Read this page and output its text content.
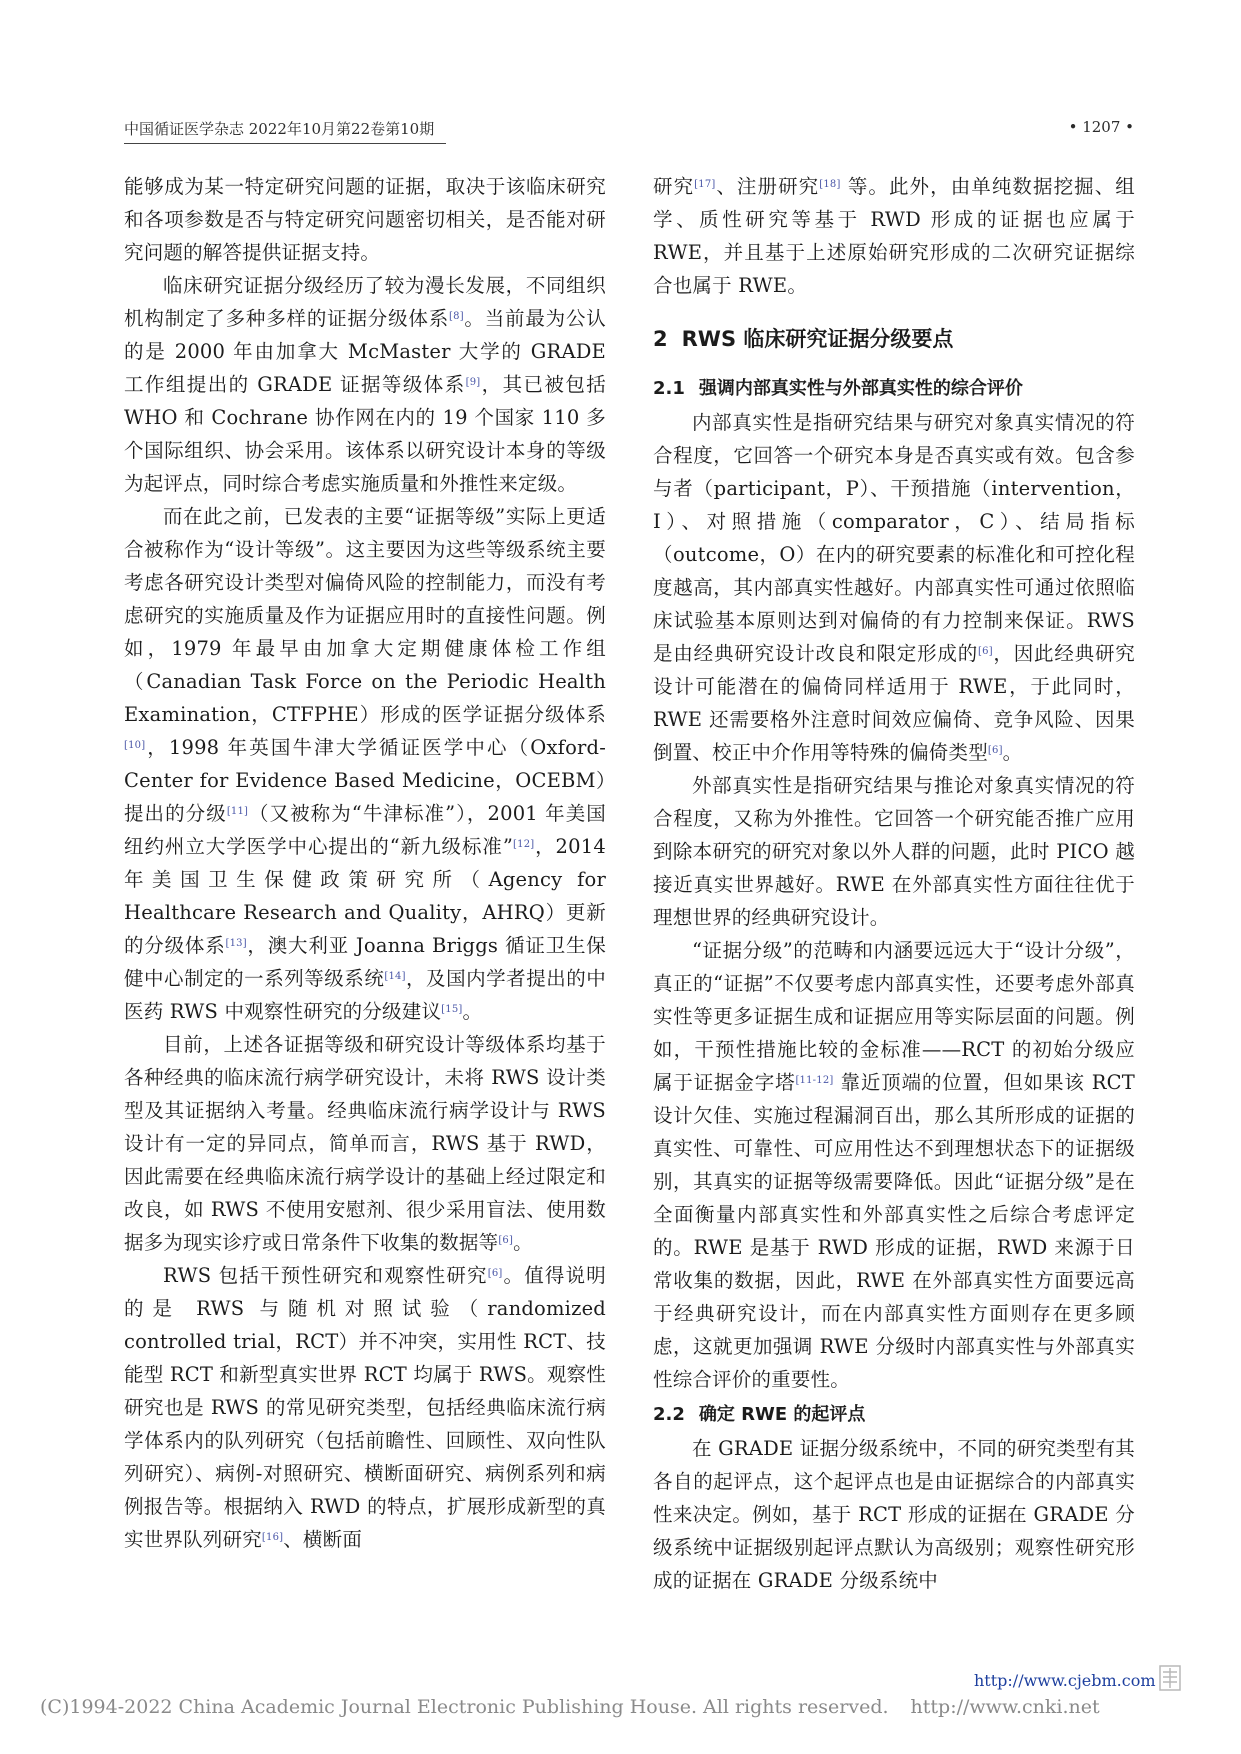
中国循证医学杂志 2022年10月第22卷第10期	• 1207 •

能够成为某一特定研究问题的证据，取决于该临床研究和各项参数是否与特定研究问题密切相关，是否能对研究问题的解答提供证据支持。

临床研究证据分级经历了较为漫长发展，不同组织机构制定了多种多样的证据分级体系[8]。当前最为公认的是 2000 年由加拿大 McMaster 大学的 GRADE 工作组提出的 GRADE 证据等级体系[9]，其已被包括 WHO 和 Cochrane 协作网在内的 19 个国家 110 多个国际组织、协会采用。该体系以研究设计本身的等级为起评点，同时综合考虑实施质量和外推性来定级。

而在此之前，已发表的主要“证据等级”实际上更适合被称作为“设计等级”。这主要因为这些等级系统主要考虑各研究设计类型对偏倚风险的控制能力，而没有考虑研究的实施质量及作为证据应用时的直接性问题。例如，1979 年最早由加拿大定期健康体检工作组（Canadian Task Force on the Periodic Health Examination，CTFPHE）形成的医学证据分级体系[10]，1998 年英国牛津大学循证医学中心（Oxford-Center for Evidence Based Medicine，OCEBM）提出的分级[11]（又被称为“牛津标准”），2001 年美国纽约州立大学医学中心提出的“新九级标准”[12]，2014 年美国卫生保健政策研究所（Agency for Healthcare Research and Quality，AHRQ）更新的分级体系[13]，澳大利亚 Joanna Briggs 循证卫生保健中心制定的一系列等级系统[14]，及国内学者提出的中医药 RWS 中观察性研究的分级建议[15]。

目前，上述各证据等级和研究设计等级体系均基于各种经典的临床流行病学研究设计，未将 RWS 设计类型及其证据纳入考量。经典临床流行病学设计与 RWS 设计有一定的异同点，简单而言，RWS 基于 RWD，因此需要在经典临床流行病学设计的基础上经过限定和改良，如 RWS 不使用安慰剂、很少采用盲法、使用数据多为现实诊疗或日常条件下收集的数据等[6]。

RWS 包括干预性研究和观察性研究[6]。值得说明的是 RWS 与随机对照试验（randomized controlled trial，RCT）并不冲突，实用性 RCT、技能型 RCT 和新型真实世界 RCT 均属于 RWS。观察性研究也是 RWS 的常见研究类型，包括经典临床流行病学体系内的队列研究（包括前瞻性、回顾性、双向性队列研究）、病例-对照研究、横断面研究、病例系列和病例报告等。根据纳入 RWD 的特点，扩展形成新型的真实世界队列研究[16]、横断面

研究[17]、注册研究[18] 等。此外，由单纯数据挖掘、组学、质性研究等基于 RWD 形成的证据也应属于 RWE，并且基于上述原始研究形成的二次研究证据综合也属于 RWE。

2 RWS 临床研究证据分级要点
2.1 强调内部真实性与外部真实性的综合评价

内部真实性是指研究结果与研究对象真实情况的符合程度，它回答一个研究本身是否真实或有效。包含参与者（participant，P）、干预措施（intervention，I）、对照措施（comparator，C）、结局指标（outcome，O）在内的研究要素的标准化和可控化程度越高，其内部真实性越好。内部真实性可通过依照临床试验基本原则达到对偏倚的有力控制来保证。RWS 是由经典研究设计改良和限定形成的[6]，因此经典研究设计可能潜在的偏倚同样适用于 RWE，于此同时，RWE 还需要格外注意时间效应偏倚、竞争风险、因果倒置、校正中介作用等特殊的偏倚类型[6]。

外部真实性是指研究结果与推论对象真实情况的符合程度，又称为外推性。它回答一个研究能否推广应用到除本研究的研究对象以外人群的问题，此时 PICO 越接近真实世界越好。RWE 在外部真实性方面往往优于理想世界的经典研究设计。

“证据分级”的范畴和内涵要远远大于“设计分级”，真正的“证据”不仅要考虑内部真实性，还要考虑外部真实性等更多证据生成和证据应用等实际层面的问题。例如，干预性措施比较的金标准——RCT 的初始分级应属于证据金字塔[11-12] 靠近顶端的位置，但如果该 RCT 设计欠佳、实施过程漏洞百出，那么其所形成的证据的真实性、可靠性、可应用性达不到理想状态下的证据级别，其真实的证据等级需要降低。因此“证据分级”是在全面衡量内部真实性和外部真实性之后综合考虑评定的。RWE 是基于 RWD 形成的证据，RWD 来源于日常收集的数据，因此，RWE 在外部真实性方面要远高于经典研究设计，而在内部真实性方面则存在更多顾虑，这就更加强调 RWE 分级时内部真实性与外部真实性综合评价的重要性。

2.2 确定 RWE 的起评点

在 GRADE 证据分级系统中，不同的研究类型有其各自的起评点，这个起评点也是由证据综合的内部真实性来决定。例如，基于 RCT 形成的证据在 GRADE 分级系统中证据级别起评点默认为高级别；观察性研究形成的证据在 GRADE 分级系统中

http://www.cjebm.com
(C)1994-2022 China Academic Journal Electronic Publishing House. All rights reserved. http://www.cnki.net
